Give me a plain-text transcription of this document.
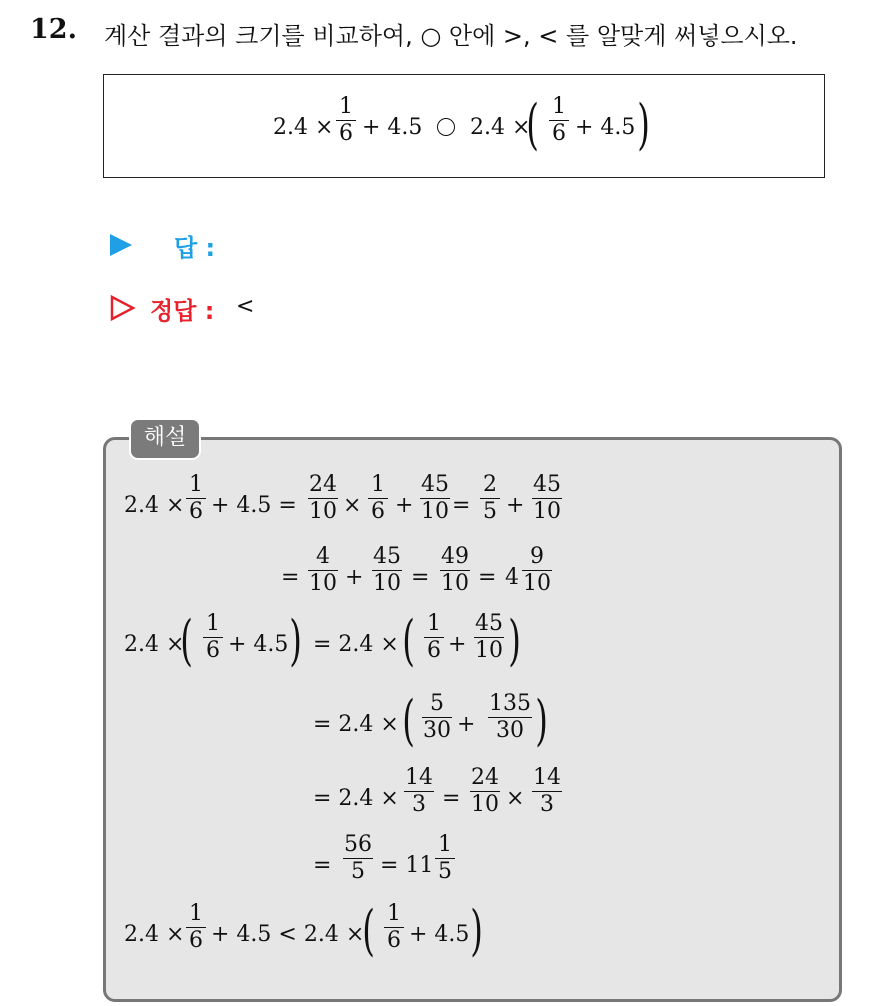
12. 계산 결과의 크기를 비교하여, ○ 안에 >, < 를 알맞게 써넣으시오.
2.4 ×
1
6 + 4.5 2.4 ×
( 1
6 + 4.5 )
답 :
정답 : <
해설
2.4 ×
1
6 + 4.5 =
24
10 ×
1
6 +
45
10 =
2
5 +
45
10
=
4
10 +
45
10 =
49
10 = 4
9
10
2.4 ×
( 1
6 + 4.5 ) = 2.4 × ( 1
6 +
45
10 )
= 2.4 × ( 5
30 +
135
30 )
= 2.4 ×
14
3 =
24
10 ×
14
3
=
56
5 = 11
1
5
2.4 ×
1
6 + 4.5 < 2.4 ×
( 1
6 + 4.5 )
